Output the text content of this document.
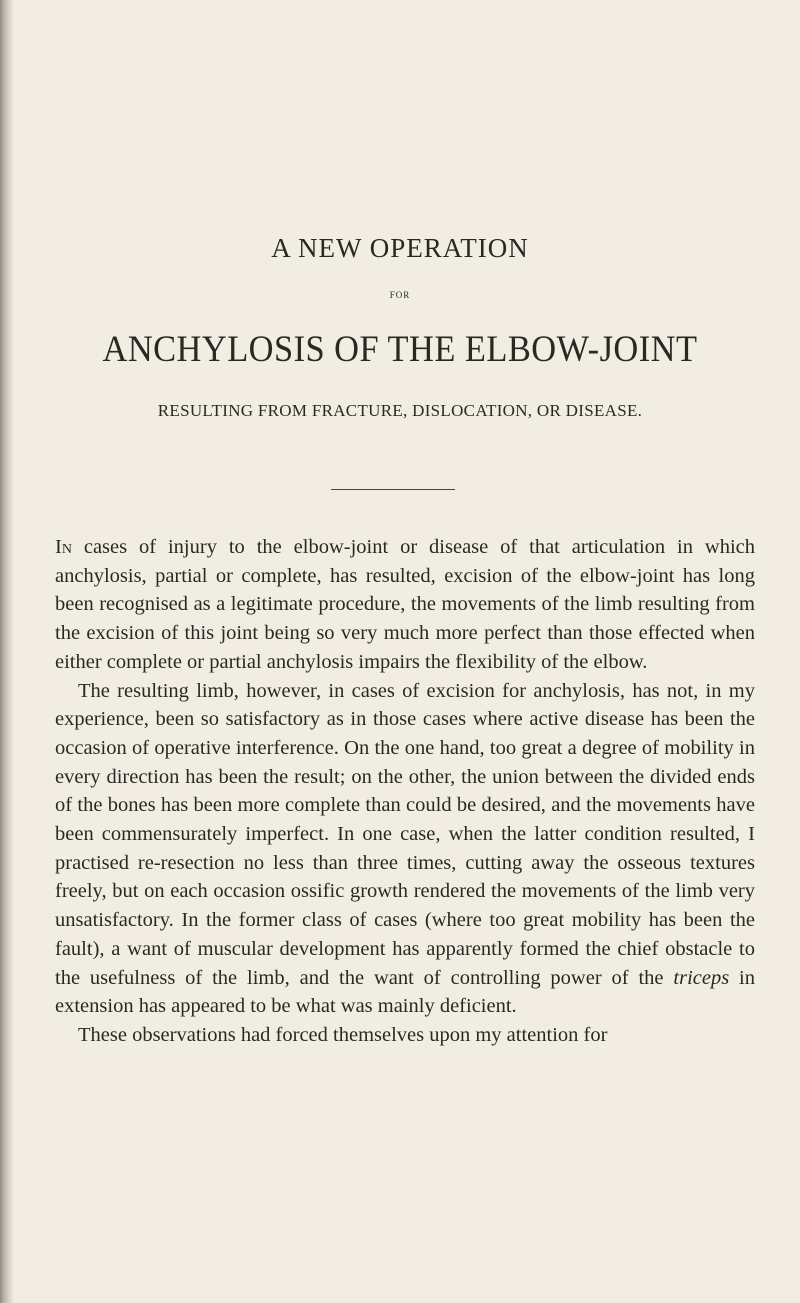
A NEW OPERATION
FOR
ANCHYLOSIS OF THE ELBOW-JOINT
RESULTING FROM FRACTURE, DISLOCATION, OR DISEASE.

In cases of injury to the elbow-joint or disease of that articulation in which anchylosis, partial or complete, has resulted, excision of the elbow-joint has long been recognised as a legitimate procedure, the movements of the limb resulting from the excision of this joint being so very much more perfect than those effected when either complete or partial anchylosis impairs the flexibility of the elbow.

The resulting limb, however, in cases of excision for anchylosis, has not, in my experience, been so satisfactory as in those cases where active disease has been the occasion of operative interference. On the one hand, too great a degree of mobility in every direction has been the result; on the other, the union between the divided ends of the bones has been more complete than could be desired, and the movements have been commensurately imperfect. In one case, when the latter condition resulted, I practised re-resection no less than three times, cutting away the osseous textures freely, but on each occasion ossific growth rendered the movements of the limb very unsatisfactory. In the former class of cases (where too great mobility has been the fault), a want of muscular development has apparently formed the chief obstacle to the usefulness of the limb, and the want of controlling power of the triceps in extension has appeared to be what was mainly deficient.

These observations had forced themselves upon my attention for
